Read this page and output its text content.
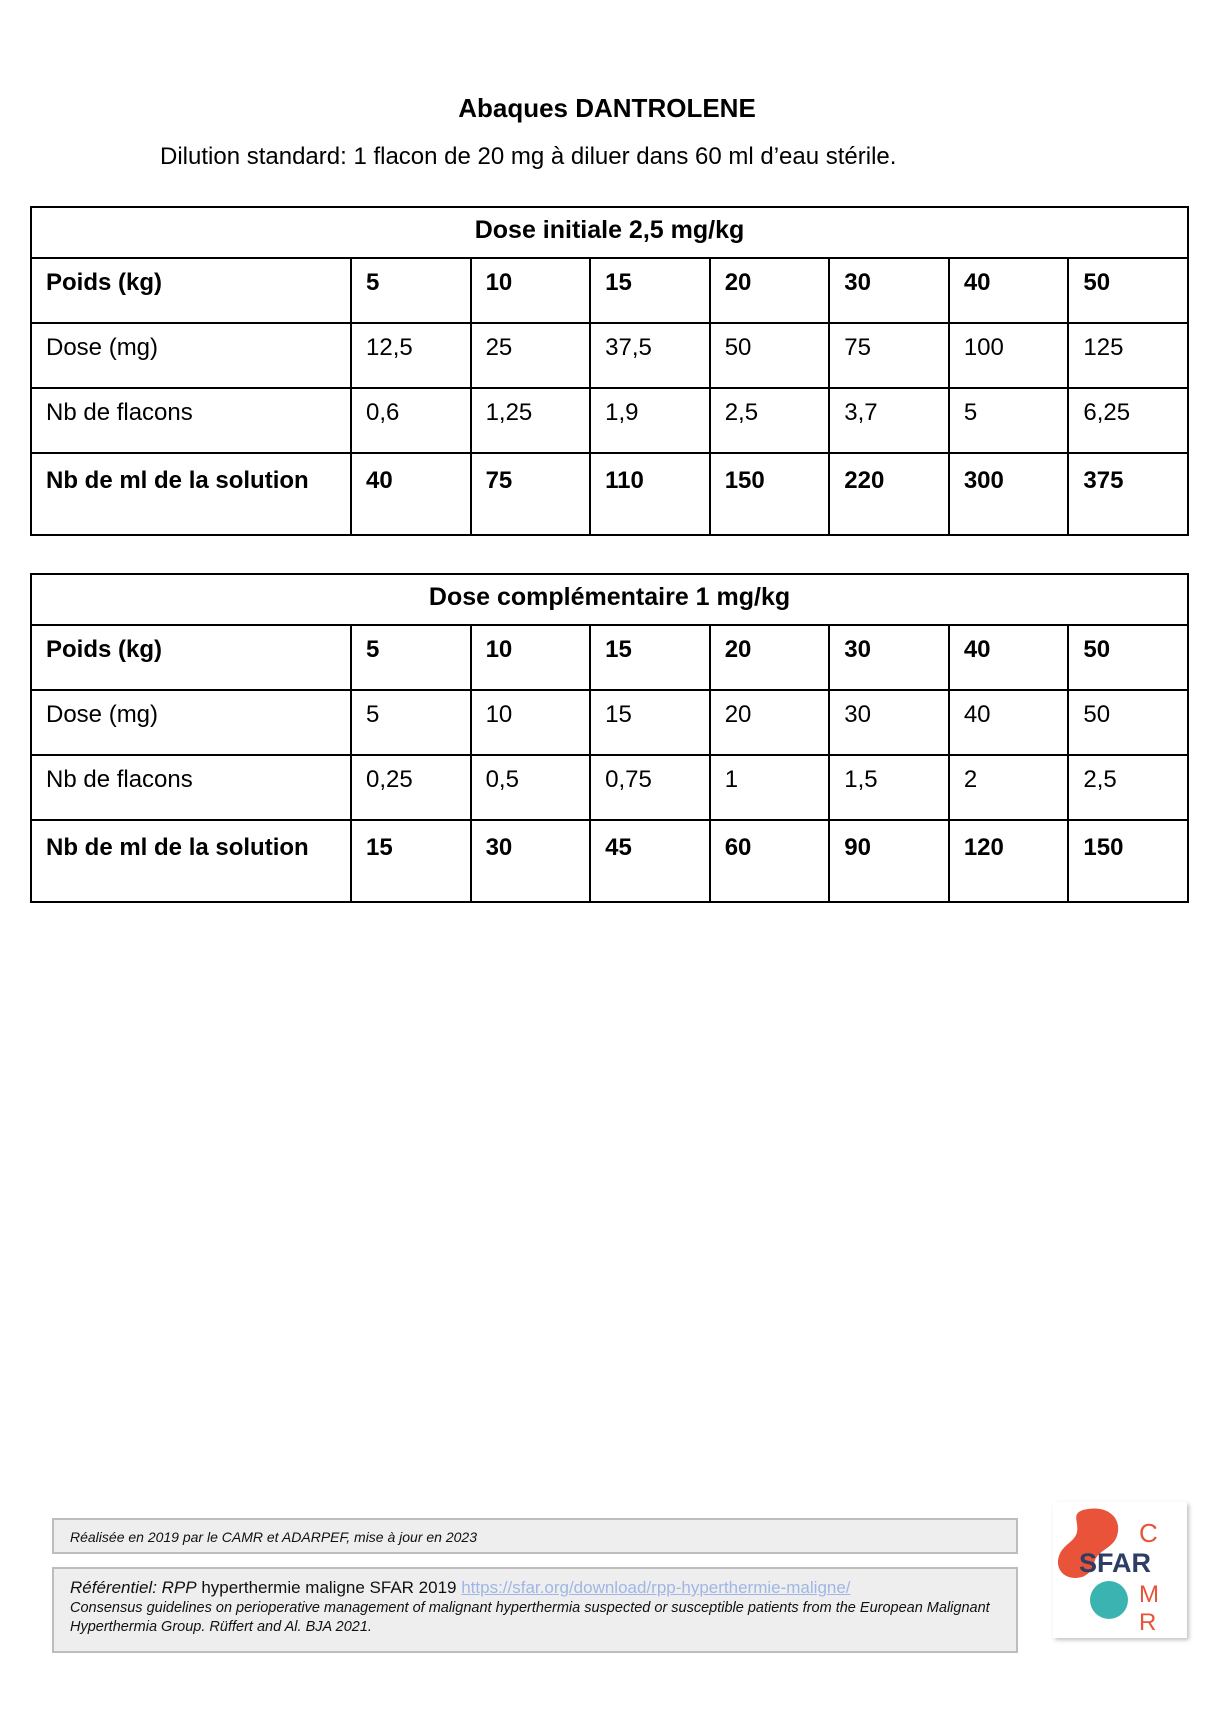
Abaques DANTROLENE
Dilution standard: 1 flacon de 20 mg à diluer dans 60 ml d’eau stérile.
Dose initiale 2,5 mg/kg							
Poids (kg)	5	10	15	20	30	40	50
Dose (mg)	12,5	25	37,5	50	75	100	125
Nb de flacons	0,6	1,25	1,9	2,5	3,7	5	6,25
Nb de ml de la solution	40	75	110	150	220	300	375
Dose complémentaire 1 mg/kg							
Poids (kg)	5	10	15	20	30	40	50
Dose (mg)	5	10	15	20	30	40	50
Nb de flacons	0,25	0,5	0,75	1	1,5	2	2,5
Nb de ml de la solution	15	30	45	60	90	120	150
Réalisée en 2019 par le CAMR et ADARPEF, mise à jour en 2023
Référentiel: RPP hyperthermie maligne SFAR 2019 https://sfar.org/download/rpp-hyperthermie-maligne/
Consensus guidelines on perioperative management of malignant hyperthermia suspected or susceptible patients from the European Malignant Hyperthermia Group. Rüffert and Al. BJA 2021.
C
SFAR
M
R
